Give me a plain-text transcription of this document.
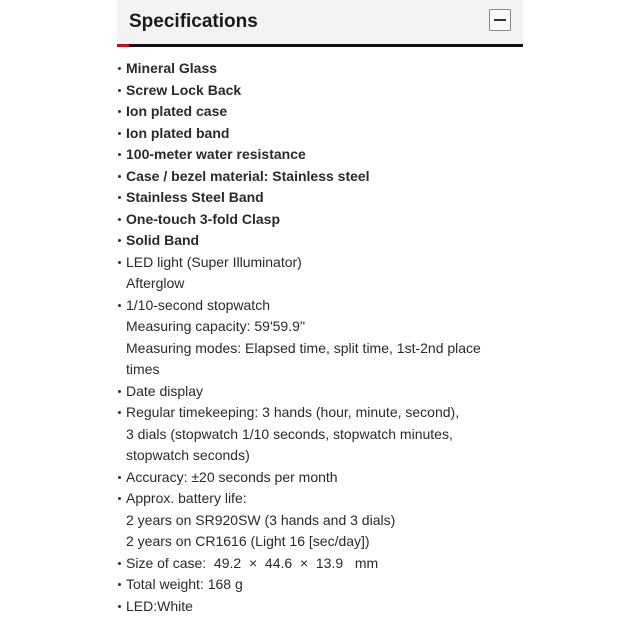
Specifications
Mineral Glass
Screw Lock Back
Ion plated case
Ion plated band
100-meter water resistance
Case / bezel material: Stainless steel
Stainless Steel Band
One-touch 3-fold Clasp
Solid Band
LED light (Super Illuminator)
Afterglow
1/10-second stopwatch
Measuring capacity: 59'59.9''
Measuring modes: Elapsed time, split time, 1st-2nd place
times
Date display
Regular timekeeping: 3 hands (hour, minute, second),
3 dials (stopwatch 1/10 seconds, stopwatch minutes,
stopwatch seconds)
Accuracy: ±20 seconds per month
Approx. battery life:
2 years on SR920SW (3 hands and 3 dials)
2 years on CR1616 (Light 16 [sec/day])
Size of case:  49.2  ×  44.6  ×  13.9   mm
Total weight: 168 g
LED:White
